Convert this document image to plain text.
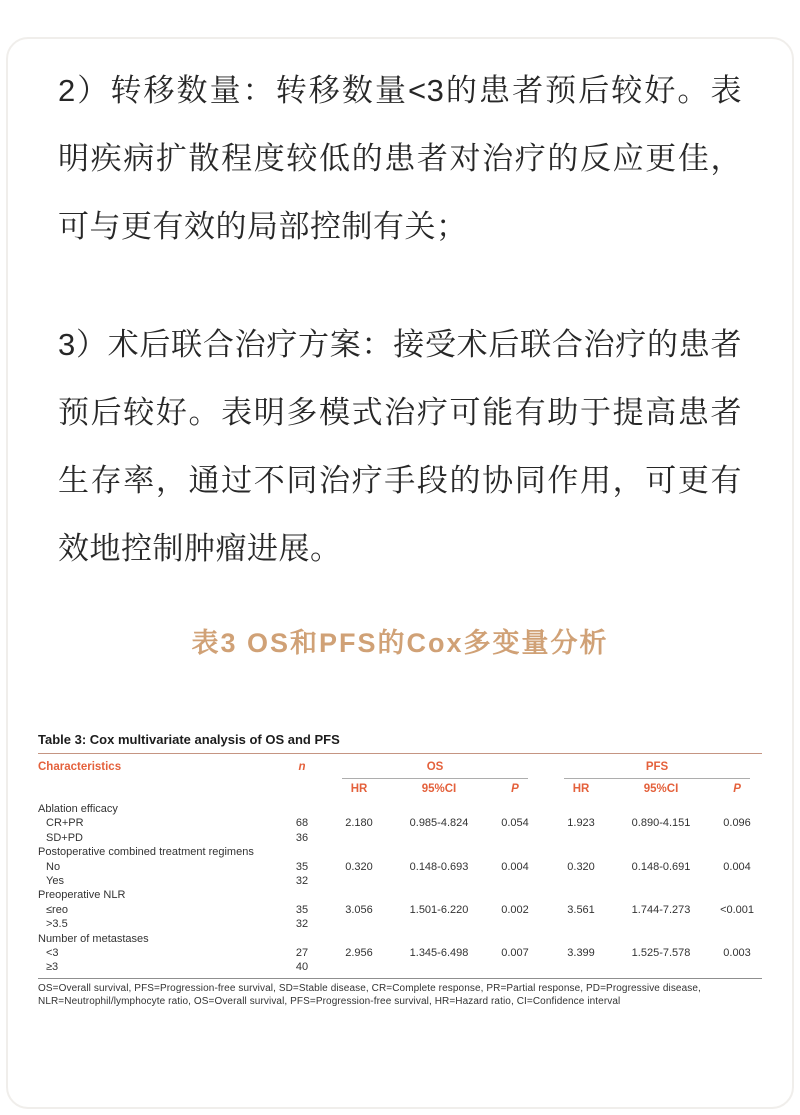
2）转移数量：转移数量<3的患者预后较好。表明疾病扩散程度较低的患者对治疗的反应更佳，可与更有效的局部控制有关；

3）术后联合治疗方案：接受术后联合治疗的患者预后较好。表明多模式治疗可能有助于提高患者生存率，通过不同治疗手段的协同作用，可更有效地控制肿瘤进展。

表3 OS和PFS的Cox多变量分析
Table 3: Cox multivariate analysis of OS and PFS
Characteristics	n	OS				PFS		

		HR	95%CI	P		HR	95%CI	P
Ablation efficacy								
CR+PR	68	2.180	0.985-4.824	0.054		1.923	0.890-4.151	0.096
SD+PD	36							
Postoperative combined treatment regimens								
No	35	0.320	0.148-0.693	0.004		0.320	0.148-0.691	0.004
Yes	32							
Preoperative NLR								
≤reo	35	3.056	1.501-6.220	0.002		3.561	1.744-7.273	<0.001
>3.5	32							
Number of metastases								
<3	27	2.956	1.345-6.498	0.007		3.399	1.525-7.578	0.003
≥3	40							
OS=Overall survival, PFS=Progression-free survival, SD=Stable disease, CR=Complete response, PR=Partial response, PD=Progressive disease,
NLR=Neutrophil/lymphocyte ratio, OS=Overall survival, PFS=Progression-free survival, HR=Hazard ratio, CI=Confidence interval
